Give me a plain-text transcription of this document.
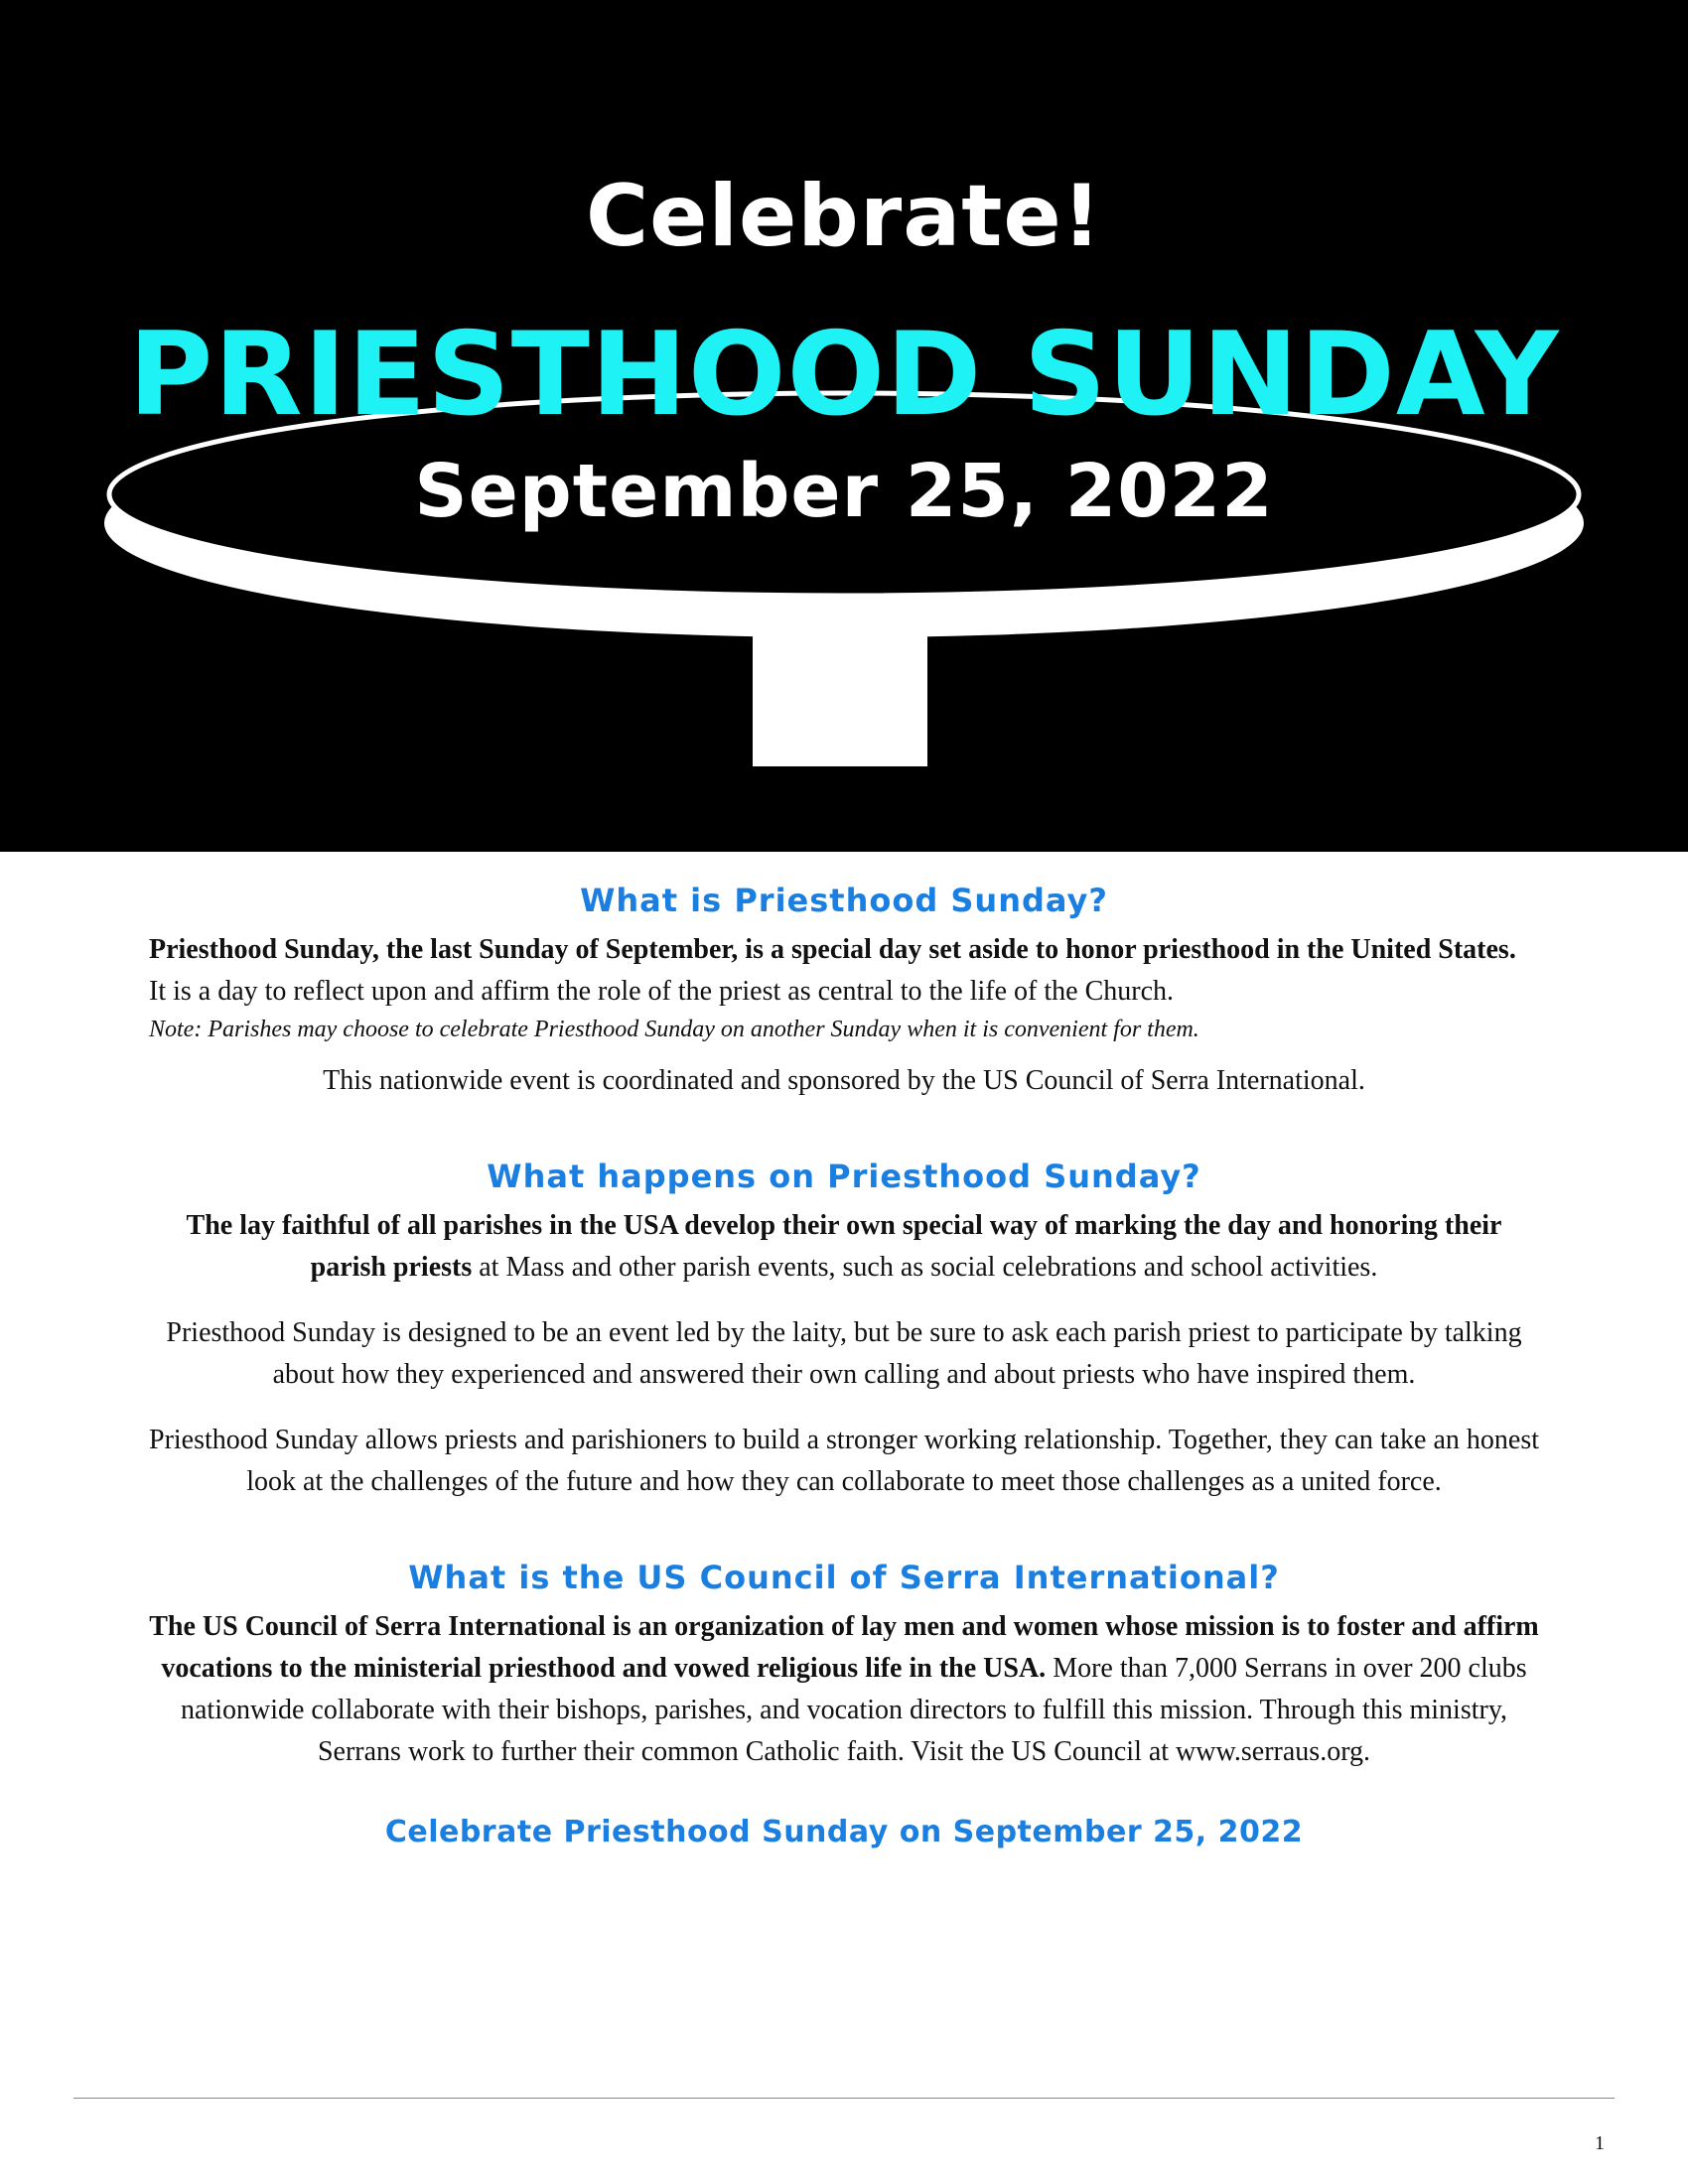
Celebrate!
PRIESTHOOD SUNDAY
September 25, 2022
What is Priesthood Sunday?

Priesthood Sunday, the last Sunday of September, is a special day set aside to honor priesthood in the United States. It is a day to reflect upon and affirm the role of the priest as central to the life of the Church.

Note: Parishes may choose to celebrate Priesthood Sunday on another Sunday when it is convenient for them.

This nationwide event is coordinated and sponsored by the US Council of Serra International.

What happens on Priesthood Sunday?

The lay faithful of all parishes in the USA develop their own special way of marking the day and honoring their parish priests at Mass and other parish events, such as social celebrations and school activities.

Priesthood Sunday is designed to be an event led by the laity, but be sure to ask each parish priest to participate by talking about how they experienced and answered their own calling and about priests who have inspired them.

Priesthood Sunday allows priests and parishioners to build a stronger working relationship. Together, they can take an honest look at the challenges of the future and how they can collaborate to meet those challenges as a united force.

What is the US Council of Serra International?

The US Council of Serra International is an organization of lay men and women whose mission is to foster and affirm vocations to the ministerial priesthood and vowed religious life in the USA. More than 7,000 Serrans in over 200 clubs nationwide collaborate with their bishops, parishes, and vocation directors to fulfill this mission. Through this ministry, Serrans work to further their common Catholic faith. Visit the US Council at www.serraus.org.

Celebrate Priesthood Sunday on September 25, 2022
1
